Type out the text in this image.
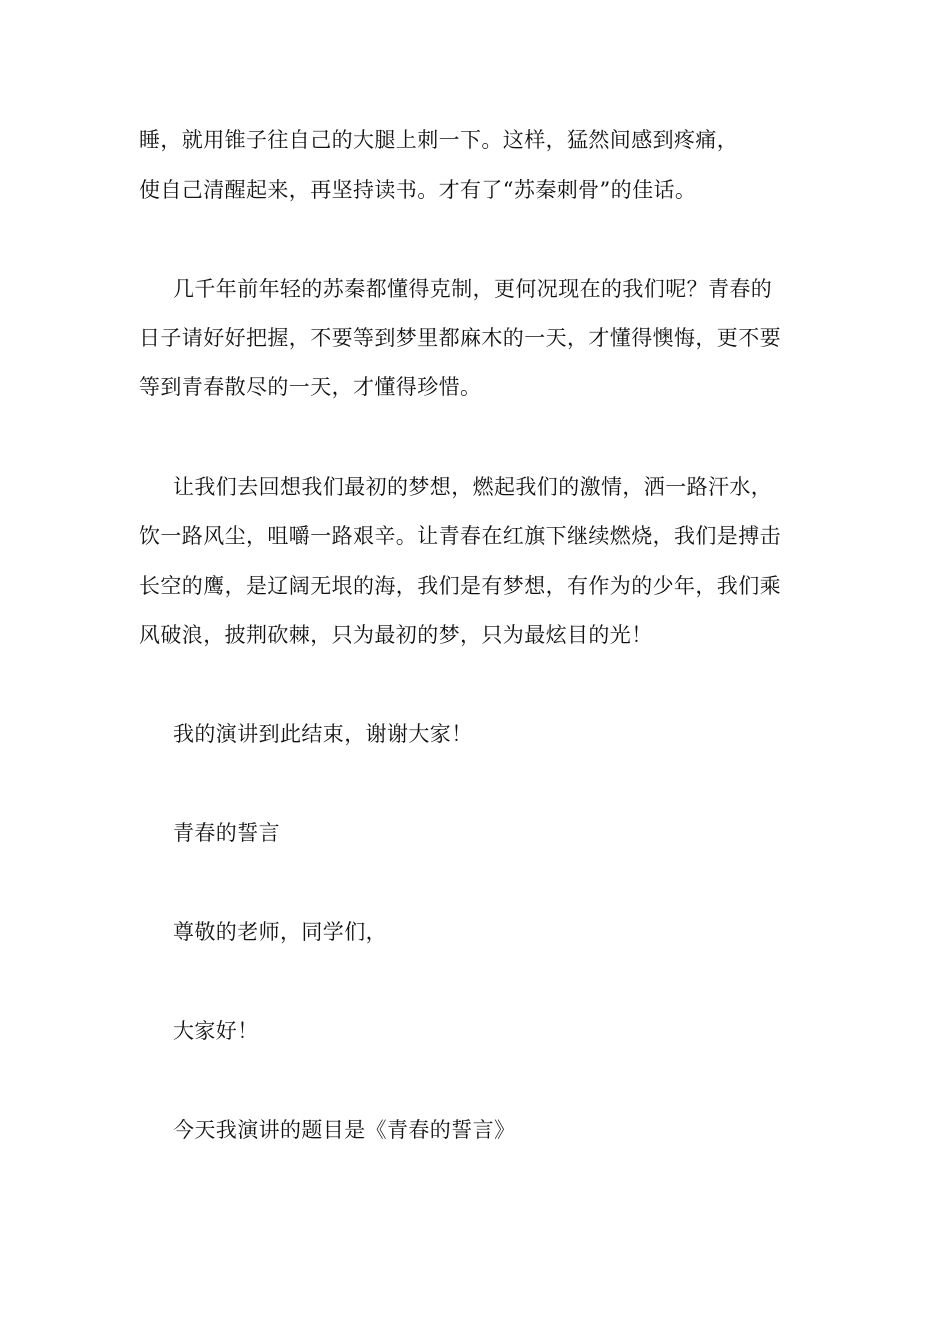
睡，就用锥子往自己的大腿上刺一下。这样，猛然间感到疼痛，

使自己清醒起来，再坚持读书。才有了“苏秦刺骨”的佳话。

几千年前年轻的苏秦都懂得克制，更何况现在的我们呢？青春的

日子请好好把握，不要等到梦里都麻木的一天，才懂得懊悔，更不要

等到青春散尽的一天，才懂得珍惜。

让我们去回想我们最初的梦想，燃起我们的激情，洒一路汗水，

饮一路风尘，咀嚼一路艰辛。让青春在红旗下继续燃烧，我们是搏击

长空的鹰，是辽阔无垠的海，我们是有梦想，有作为的少年，我们乘

风破浪，披荆砍棘，只为最初的梦，只为最炫目的光！

我的演讲到此结束，谢谢大家！

青春的誓言

尊敬的老师，同学们，

大家好！

今天我演讲的题目是《青春的誓言》
